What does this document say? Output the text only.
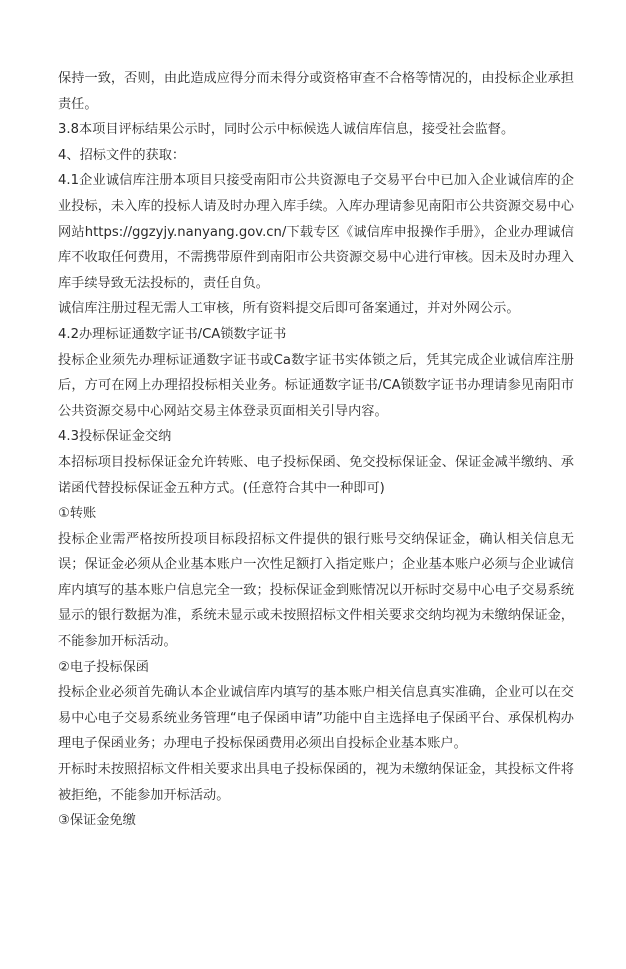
保持一致，否则，由此造成应得分而未得分或资格审查不合格等情况的，由投标企业承担责任。

3.8本项目评标结果公示时，同时公示中标候选人诚信库信息，接受社会监督。

4、招标文件的获取：

4.1企业诚信库注册本项目只接受南阳市公共资源电子交易平台中已加入企业诚信库的企业投标，未入库的投标人请及时办理入库手续。入库办理请参见南阳市公共资源交易中心网站https://ggzyjy.nanyang.gov.cn/下载专区《诚信库申报操作手册》，企业办理诚信库不收取任何费用，不需携带原件到南阳市公共资源交易中心进行审核。因未及时办理入库手续导致无法投标的，责任自负。

诚信库注册过程无需人工审核，所有资料提交后即可备案通过，并对外网公示。

4.2办理标证通数字证书/CA锁数字证书

投标企业须先办理标证通数字证书或Ca数字证书实体锁之后，凭其完成企业诚信库注册后，方可在网上办理招投标相关业务。标证通数字证书/CA锁数字证书办理请参见南阳市公共资源交易中心网站交易主体登录页面相关引导内容。

4.3投标保证金交纳

本招标项目投标保证金允许转账、电子投标保函、免交投标保证金、保证金减半缴纳、承诺函代替投标保证金五种方式。(任意符合其中一种即可)

①转账

投标企业需严格按所投项目标段招标文件提供的银行账号交纳保证金，确认相关信息无误；保证金必须从企业基本账户一次性足额打入指定账户；企业基本账户必须与企业诚信库内填写的基本账户信息完全一致；投标保证金到账情况以开标时交易中心电子交易系统显示的银行数据为准，系统未显示或未按照招标文件相关要求交纳均视为未缴纳保证金，不能参加开标活动。

②电子投标保函

投标企业必须首先确认本企业诚信库内填写的基本账户相关信息真实准确，企业可以在交易中心电子交易系统业务管理“电子保函申请”功能中自主选择电子保函平台、承保机构办理电子保函业务；办理电子投标保函费用必须出自投标企业基本账户。

开标时未按照招标文件相关要求出具电子投标保函的，视为未缴纳保证金，其投标文件将被拒绝，不能参加开标活动。

③保证金免缴
